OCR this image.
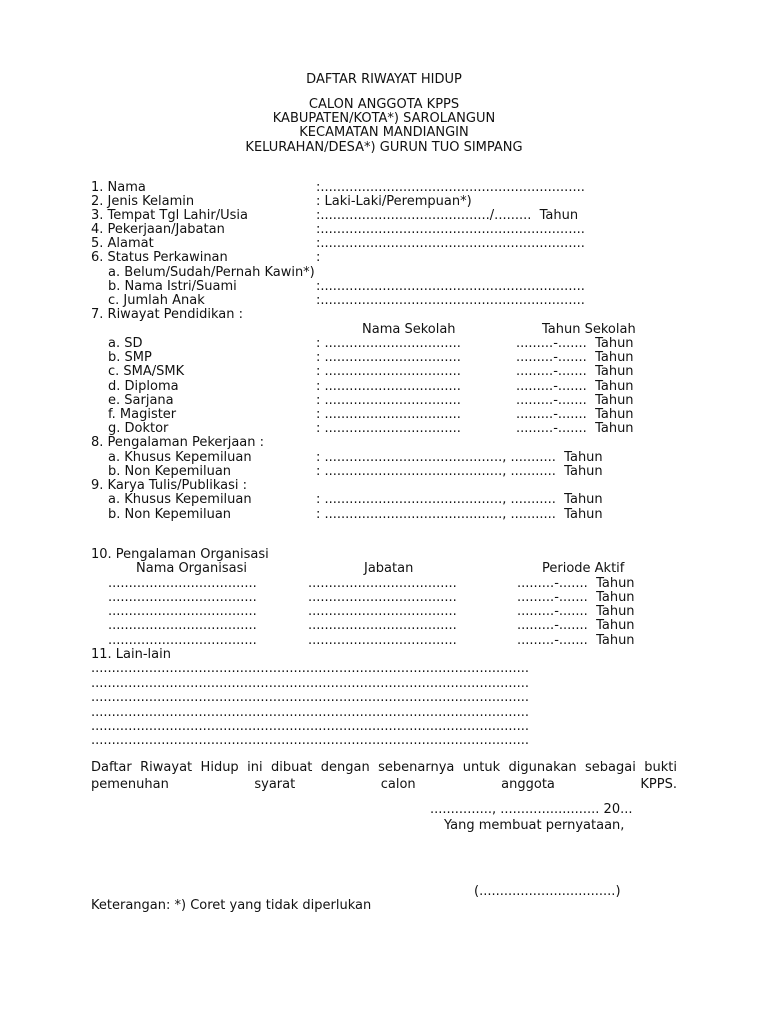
DAFTAR RIWAYAT HIDUP
CALON ANGGOTA KPPS
KABUPATEN/KOTA*) SAROLANGUN
KECAMATAN MANDIANGIN
KELURAHAN/DESA*) GURUN TUO SIMPANG
1. Nama	:................................................................
2. Jenis Kelamin	: Laki-Laki/Perempuan*)
3. Tempat Tgl Lahir/Usia	:........................................./.........  Tahun
4. Pekerjaan/Jabatan	:................................................................
5. Alamat	:................................................................
6. Status Perkawinan	:
a. Belum/Sudah/Pernah Kawin*)
b. Nama Istri/Suami	:................................................................
c. Jumlah Anak	:................................................................
7. Riwayat Pendidikan :
Nama Sekolah	Tahun Sekolah
a. SD	: .................................	.........-.......  Tahun
b. SMP	: .................................	.........-.......  Tahun
c. SMA/SMK	: .................................	.........-.......  Tahun
d. Diploma	: .................................	.........-.......  Tahun
e. Sarjana	: .................................	.........-.......  Tahun
f. Magister	: .................................	.........-.......  Tahun
g. Doktor	: .................................	.........-.......  Tahun
8. Pengalaman Pekerjaan :
a. Khusus Kepemiluan	: ..........................................., ...........  Tahun
b. Non Kepemiluan	: ..........................................., ...........  Tahun
9. Karya Tulis/Publikasi :
a. Khusus Kepemiluan	: ..........................................., ...........  Tahun
b. Non Kepemiluan	: ..........................................., ...........  Tahun
10. Pengalaman Organisasi
Nama Organisasi	Jabatan	Periode Aktif
....................................	....................................	.........-.......  Tahun
....................................	....................................	.........-.......  Tahun
....................................	....................................	.........-.......  Tahun
....................................	....................................	.........-.......  Tahun
....................................	....................................	.........-.......  Tahun
11. Lain-lain
..........................................................................................................
..........................................................................................................
..........................................................................................................
..........................................................................................................
..........................................................................................................
..........................................................................................................
Daftar Riwayat Hidup ini dibuat dengan sebenarnya untuk digunakan sebagai bukti pemenuhan syarat calon anggota KPPS.
..............., ........................ 20...
Yang membuat pernyataan,
(.................................)
Keterangan: *) Coret yang tidak diperlukan
